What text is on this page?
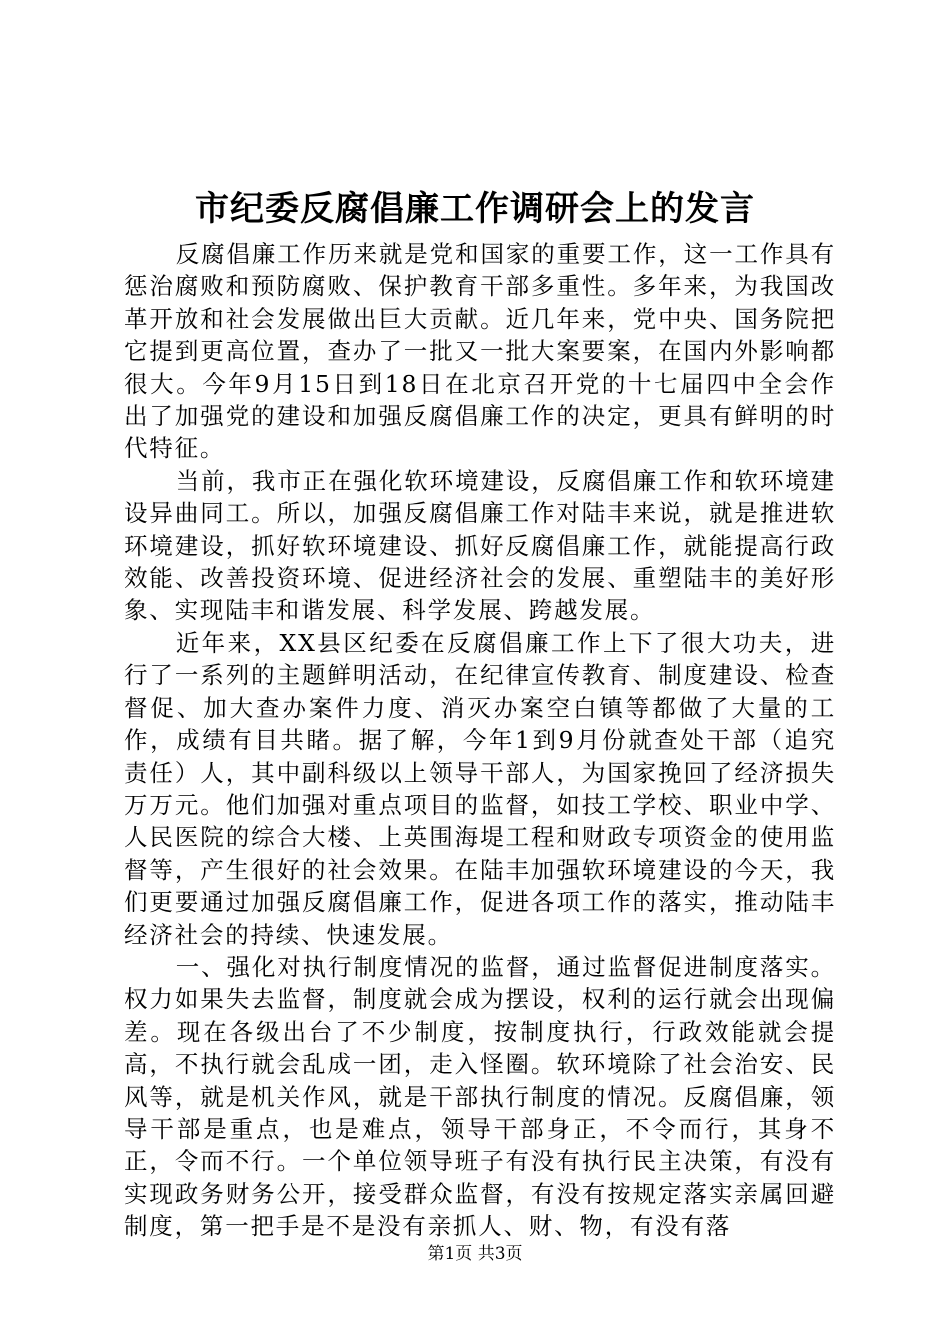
市纪委反腐倡廉工作调研会上的发言

反腐倡廉工作历来就是党和国家的重要工作，这一工作具有惩治腐败和预防腐败、保护教育干部多重性。多年来，为我国改革开放和社会发展做出巨大贡献。近几年来，党中央、国务院把它提到更高位置，查办了一批又一批大案要案，在国内外影响都很大。今年9月15日到18日在北京召开党的十七届四中全会作出了加强党的建设和加强反腐倡廉工作的决定，更具有鲜明的时代特征。

当前，我市正在强化软环境建设，反腐倡廉工作和软环境建设异曲同工。所以，加强反腐倡廉工作对陆丰来说，就是推进软环境建设，抓好软环境建设、抓好反腐倡廉工作，就能提高行政效能、改善投资环境、促进经济社会的发展、重塑陆丰的美好形象、实现陆丰和谐发展、科学发展、跨越发展。

近年来，XX县区纪委在反腐倡廉工作上下了很大功夫，进行了一系列的主题鲜明活动，在纪律宣传教育、制度建设、检查督促、加大查办案件力度、消灭办案空白镇等都做了大量的工作，成绩有目共睹。据了解，今年1到9月份就查处干部（追究责任）人，其中副科级以上领导干部人，为国家挽回了经济损失万万元。他们加强对重点项目的监督，如技工学校、职业中学、人民医院的综合大楼、上英围海堤工程和财政专项资金的使用监督等，产生很好的社会效果。在陆丰加强软环境建设的今天，我们更要通过加强反腐倡廉工作，促进各项工作的落实，推动陆丰经济社会的持续、快速发展。

一、强化对执行制度情况的监督，通过监督促进制度落实。权力如果失去监督，制度就会成为摆设，权利的运行就会出现偏差。现在各级出台了不少制度，按制度执行，行政效能就会提高，不执行就会乱成一团，走入怪圈。软环境除了社会治安、民风等，就是机关作风，就是干部执行制度的情况。反腐倡廉，领导干部是重点，也是难点，领导干部身正，不令而行，其身不正，令而不行。一个单位领导班子有没有执行民主决策，有没有实现政务财务公开，接受群众监督，有没有按规定落实亲属回避制度，第一把手是不是没有亲抓人、财、物，有没有落

第1页 共3页
